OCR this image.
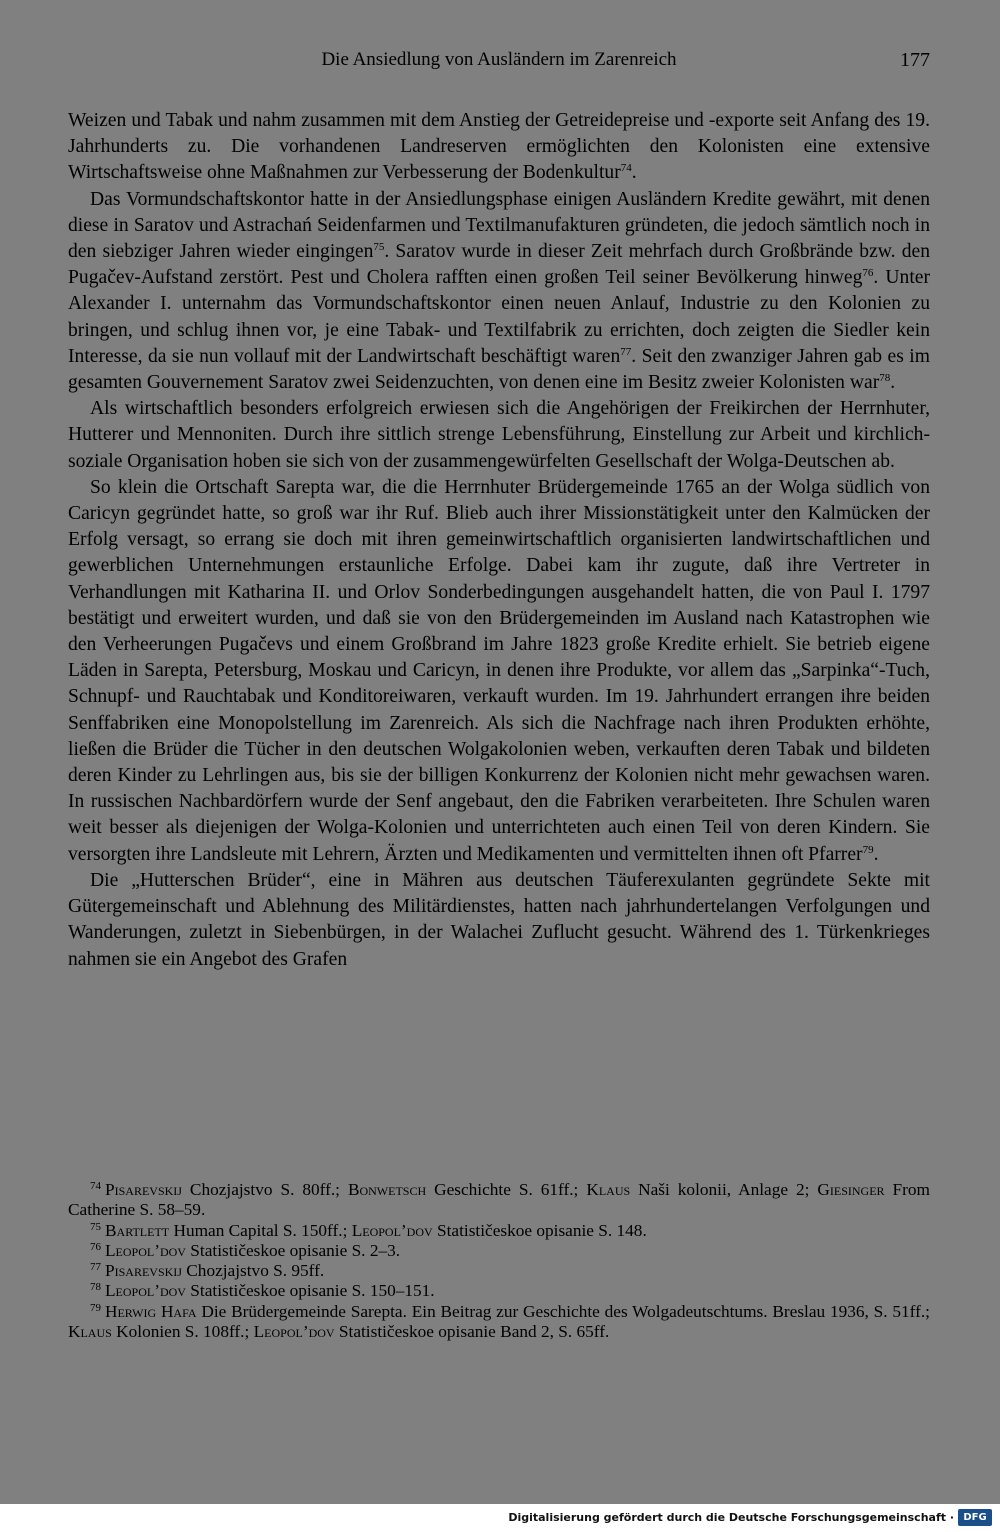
Die Ansiedlung von Ausländern im Zarenreich	177

Weizen und Tabak und nahm zusammen mit dem Anstieg der Getreidepreise und -exporte seit Anfang des 19. Jahrhunderts zu. Die vorhandenen Landreserven ermöglichten den Kolonisten eine extensive Wirtschaftsweise ohne Maßnahmen zur Verbesserung der Bodenkultur$^{74}$.

Das Vormundschaftskontor hatte in der Ansiedlungsphase einigen Ausländern Kredite gewährt, mit denen diese in Saratov und Astrachań Seidenfarmen und Textilmanufakturen gründeten, die jedoch sämtlich noch in den siebziger Jahren wieder eingingen$^{75}$. Saratov wurde in dieser Zeit mehrfach durch Großbrände bzw. den Pugačev-Aufstand zerstört. Pest und Cholera rafften einen großen Teil seiner Bevölkerung hinweg$^{76}$. Unter Alexander I. unternahm das Vormundschaftskontor einen neuen Anlauf, Industrie zu den Kolonien zu bringen, und schlug ihnen vor, je eine Tabak- und Textilfabrik zu errichten, doch zeigten die Siedler kein Interesse, da sie nun vollauf mit der Landwirtschaft beschäftigt waren$^{77}$. Seit den zwanziger Jahren gab es im gesamten Gouvernement Saratov zwei Seidenzuchten, von denen eine im Besitz zweier Kolonisten war$^{78}$.

Als wirtschaftlich besonders erfolgreich erwiesen sich die Angehörigen der Freikirchen der Herrnhuter, Hutterer und Mennoniten. Durch ihre sittlich strenge Lebensführung, Einstellung zur Arbeit und kirchlich-soziale Organisation hoben sie sich von der zusammengewürfelten Gesellschaft der Wolga-Deutschen ab.

So klein die Ortschaft Sarepta war, die die Herrnhuter Brüdergemeinde 1765 an der Wolga südlich von Caricyn gegründet hatte, so groß war ihr Ruf. Blieb auch ihrer Missionstätigkeit unter den Kalmücken der Erfolg versagt, so errang sie doch mit ihren gemeinwirtschaftlich organisierten landwirtschaftlichen und gewerblichen Unternehmungen erstaunliche Erfolge. Dabei kam ihr zugute, daß ihre Vertreter in Verhandlungen mit Katharina II. und Orlov Sonderbedingungen ausgehandelt hatten, die von Paul I. 1797 bestätigt und erweitert wurden, und daß sie von den Brüdergemeinden im Ausland nach Katastrophen wie den Verheerungen Pugačevs und einem Großbrand im Jahre 1823 große Kredite erhielt. Sie betrieb eigene Läden in Sarepta, Petersburg, Moskau und Caricyn, in denen ihre Produkte, vor allem das „Sarpinka“-Tuch, Schnupf- und Rauchtabak und Konditoreiwaren, verkauft wurden. Im 19. Jahrhundert errangen ihre beiden Senffabriken eine Monopolstellung im Zarenreich. Als sich die Nachfrage nach ihren Produkten erhöhte, ließen die Brüder die Tücher in den deutschen Wolgakolonien weben, verkauften deren Tabak und bildeten deren Kinder zu Lehrlingen aus, bis sie der billigen Konkurrenz der Kolonien nicht mehr gewachsen waren. In russischen Nachbardörfern wurde der Senf angebaut, den die Fabriken verarbeiteten. Ihre Schulen waren weit besser als diejenigen der Wolga-Kolonien und unterrichteten auch einen Teil von deren Kindern. Sie versorgten ihre Landsleute mit Lehrern, Ärzten und Medikamenten und vermittelten ihnen oft Pfarrer$^{79}$.

Die „Hutterschen Brüder“, eine in Mähren aus deutschen Täuferexulanten gegründete Sekte mit Gütergemeinschaft und Ablehnung des Militärdienstes, hatten nach jahrhundertelangen Verfolgungen und Wanderungen, zuletzt in Siebenbürgen, in der Walachei Zuflucht gesucht. Während des 1. Türkenkrieges nahmen sie ein Angebot des Grafen

$^{74}$ Pisarevskij Chozjajstvo S. 80ff.; Bonwetsch Geschichte S. 61ff.; Klaus Naši kolonii, Anlage 2; Giesinger From Catherine S. 58–59.

$^{75}$ Bartlett Human Capital S. 150ff.; Leopol’dov Statističeskoe opisanie S. 148.

$^{76}$ Leopol’dov Statističeskoe opisanie S. 2–3.

$^{77}$ Pisarevskij Chozjajstvo S. 95ff.

$^{78}$ Leopol’dov Statističeskoe opisanie S. 150–151.

$^{79}$ Herwig Hafa Die Brüdergemeinde Sarepta. Ein Beitrag zur Geschichte des Wolgadeutschtums. Breslau 1936, S. 51ff.; Klaus Kolonien S. 108ff.; Leopol’dov Statističeskoe opisanie Band 2, S. 65ff.

Digitalisierung gefördert durch die Deutsche Forschungsgemeinschaft · DFG
